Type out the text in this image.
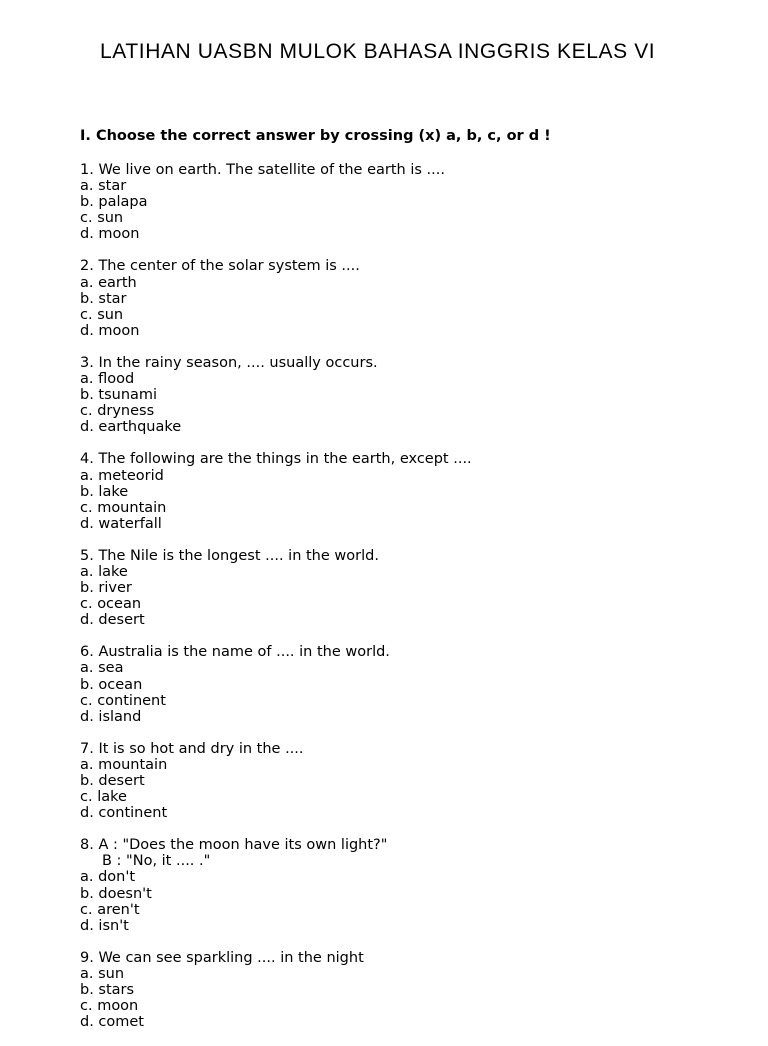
LATIHAN UASBN MULOK BAHASA INGGRIS KELAS VI
I. Choose the correct answer by crossing (x) a, b, c, or d !
1. We live on earth. The satellite of the earth is ....
a. star
b. palapa
c. sun
d. moon
2. The center of the solar system is ....
a. earth
b. star
c. sun
d. moon
3. In the rainy season, .... usually occurs.
a. flood
b. tsunami
c. dryness
d. earthquake
4. The following are the things in the earth, except ....
a. meteorid
b. lake
c. mountain
d. waterfall
5. The Nile is the longest .... in the world.
a. lake
b. river
c. ocean
d. desert
6. Australia is the name of .... in the world.
a. sea
b. ocean
c. continent
d. island
7. It is so hot and dry in the ....
a. mountain
b. desert
c. lake
d. continent
8. A : "Does the moon have its own light?"
B : "No, it .... ."
a. don't
b. doesn't
c. aren't
d. isn't
9. We can see sparkling .... in the night
a. sun
b. stars
c. moon
d. comet
